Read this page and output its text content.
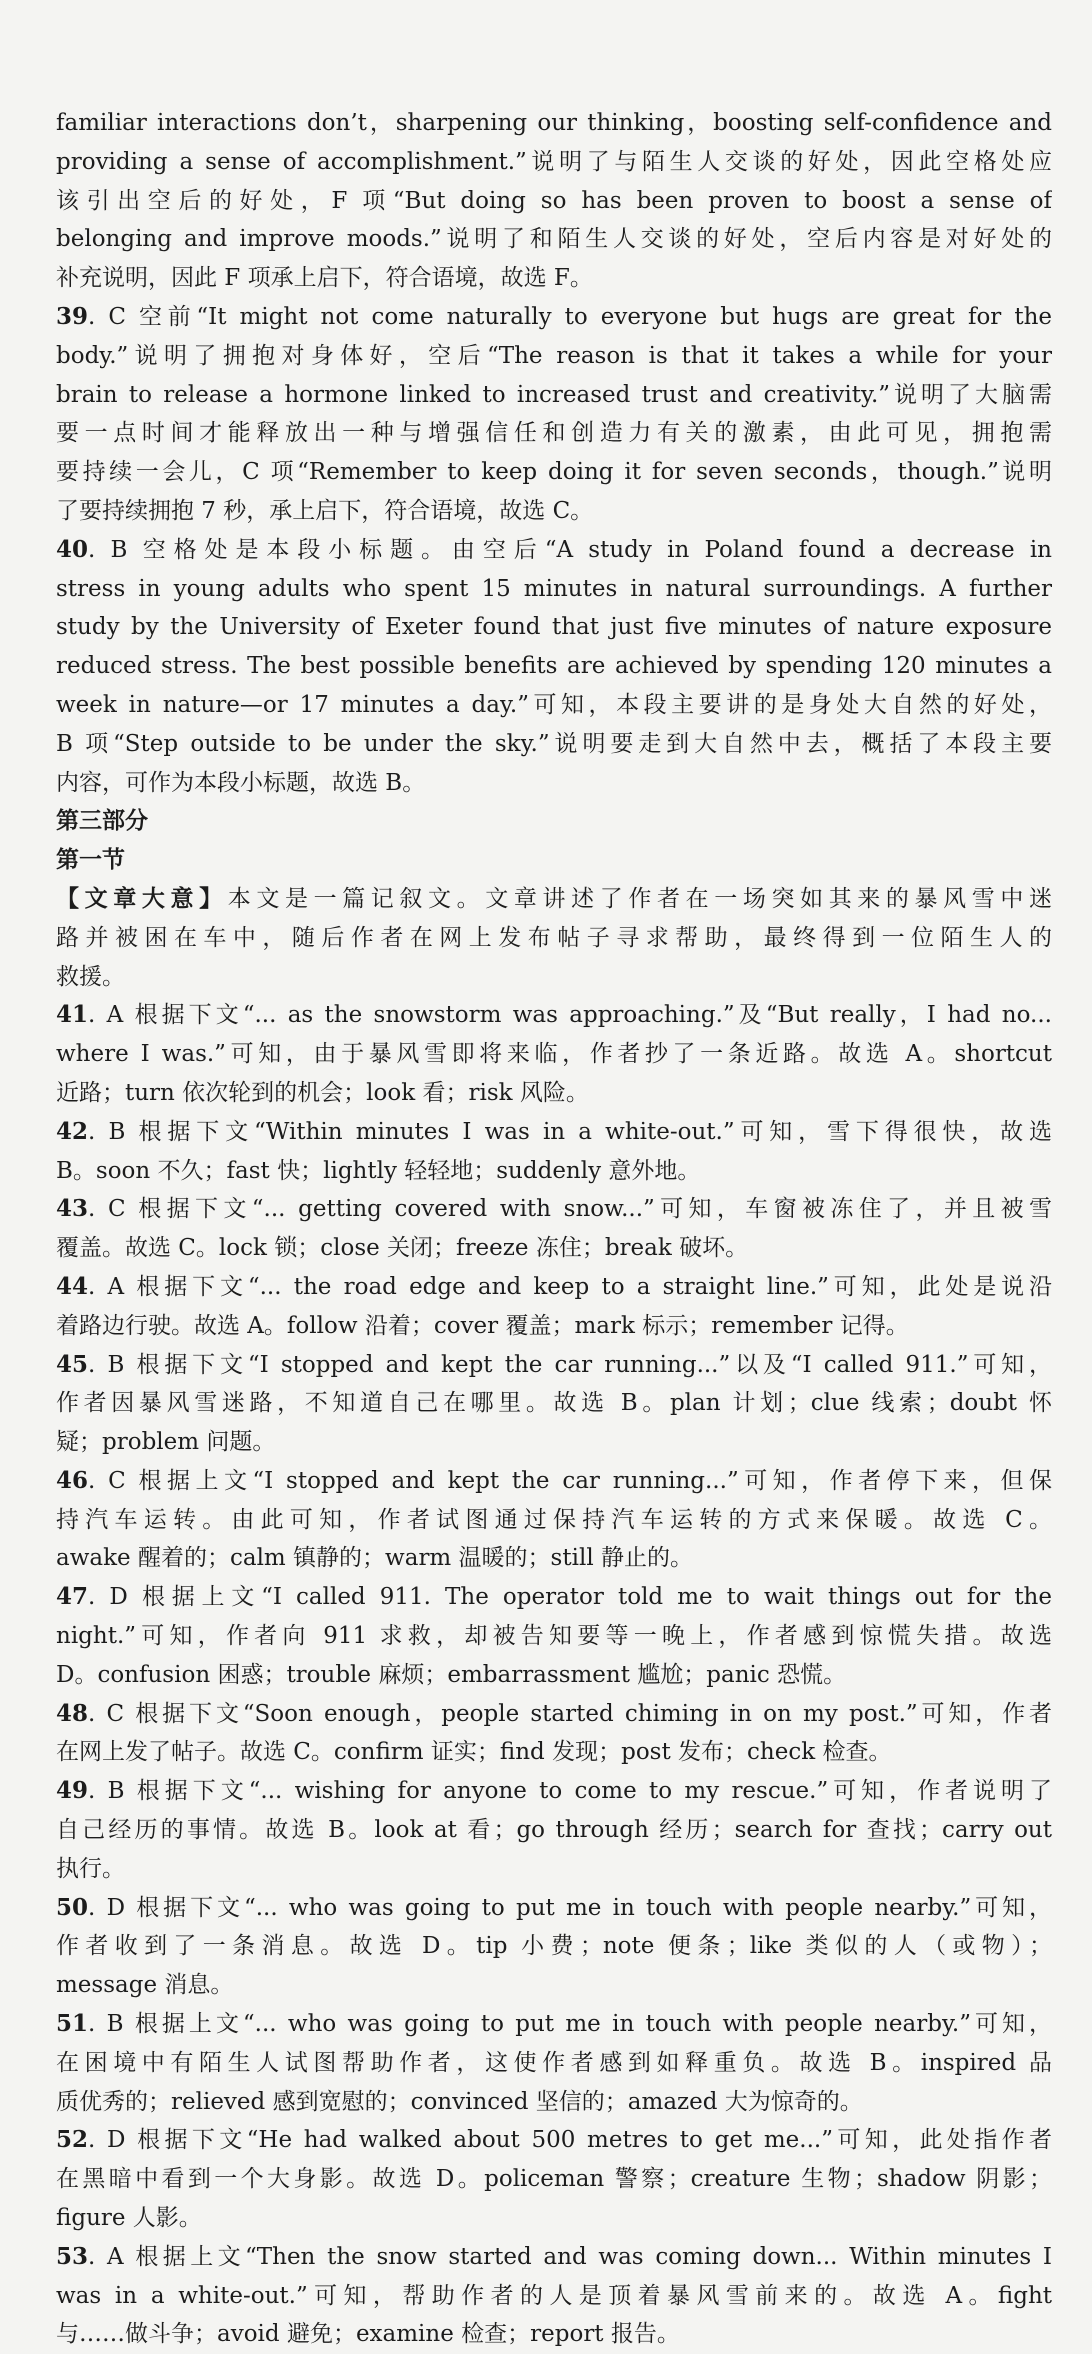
familiar interactions don’t，sharpening our thinking，boosting self-confidence and
providing a sense of accomplishment.”说明了与陌生人交谈的好处，因此空格处应
该引出空后的好处，F 项“But doing so has been proven to boost a sense of
belonging and improve moods.”说明了和陌生人交谈的好处，空后内容是对好处的
补充说明，因此 F 项承上启下，符合语境，故选 F。
39. C 空前“It might not come naturally to everyone but hugs are great for the
body.”说明了拥抱对身体好，空后“The reason is that it takes a while for your
brain to release a hormone linked to increased trust and creativity.”说明了大脑需
要一点时间才能释放出一种与增强信任和创造力有关的激素，由此可见，拥抱需
要持续一会儿，C 项“Remember to keep doing it for seven seconds，though.”说明
了要持续拥抱 7 秒，承上启下，符合语境，故选 C。
40. B 空格处是本段小标题。由空后“A study in Poland found a decrease in
stress in young adults who spent 15 minutes in natural surroundings. A further
study by the University of Exeter found that just five minutes of nature exposure
reduced stress. The best possible benefits are achieved by spending 120 minutes a
week in nature—or 17 minutes a day.”可知，本段主要讲的是身处大自然的好处，
B 项“Step outside to be under the sky.”说明要走到大自然中去，概括了本段主要
内容，可作为本段小标题，故选 B。
第三部分
第一节
【文章大意】本文是一篇记叙文。文章讲述了作者在一场突如其来的暴风雪中迷
路并被困在车中，随后作者在网上发布帖子寻求帮助，最终得到一位陌生人的
救援。
41. A 根据下文“... as the snowstorm was approaching.”及“But really，I had no...
where I was.”可知，由于暴风雪即将来临，作者抄了一条近路。故选 A。shortcut
近路；turn 依次轮到的机会；look 看；risk 风险。
42. B 根据下文“Within minutes I was in a white-out.”可知，雪下得很快，故选
B。soon 不久；fast 快；lightly 轻轻地；suddenly 意外地。
43. C 根据下文“... getting covered with snow...”可知，车窗被冻住了，并且被雪
覆盖。故选 C。lock 锁；close 关闭；freeze 冻住；break 破坏。
44. A 根据下文“... the road edge and keep to a straight line.”可知，此处是说沿
着路边行驶。故选 A。follow 沿着；cover 覆盖；mark 标示；remember 记得。
45. B 根据下文“I stopped and kept the car running...”以及“I called 911.”可知，
作者因暴风雪迷路，不知道自己在哪里。故选 B。plan 计划；clue 线索；doubt 怀
疑；problem 问题。
46. C 根据上文“I stopped and kept the car running...”可知，作者停下来，但保
持汽车运转。由此可知，作者试图通过保持汽车运转的方式来保暖。故选 C。
awake 醒着的；calm 镇静的；warm 温暖的；still 静止的。
47. D 根据上文“I called 911. The operator told me to wait things out for the
night.”可知，作者向 911 求救，却被告知要等一晚上，作者感到惊慌失措。故选
D。confusion 困惑；trouble 麻烦；embarrassment 尴尬；panic 恐慌。
48. C 根据下文“Soon enough，people started chiming in on my post.”可知，作者
在网上发了帖子。故选 C。confirm 证实；find 发现；post 发布；check 检查。
49. B 根据下文“... wishing for anyone to come to my rescue.”可知，作者说明了
自己经历的事情。故选 B。look at 看；go through 经历；search for 查找；carry out
执行。
50. D 根据下文“... who was going to put me in touch with people nearby.”可知，
作者收到了一条消息。故选 D。tip 小费；note 便条；like 类似的人（或物）；
message 消息。
51. B 根据上文“... who was going to put me in touch with people nearby.”可知，
在困境中有陌生人试图帮助作者，这使作者感到如释重负。故选 B。inspired 品
质优秀的；relieved 感到宽慰的；convinced 坚信的；amazed 大为惊奇的。
52. D 根据下文“He had walked about 500 metres to get me...”可知，此处指作者
在黑暗中看到一个大身影。故选 D。policeman 警察；creature 生物；shadow 阴影；
figure 人影。
53. A 根据上文“Then the snow started and was coming down... Within minutes I
was in a white-out.”可知，帮助作者的人是顶着暴风雪前来的。故选 A。fight
与……做斗争；avoid 避免；examine 检查；report 报告。
